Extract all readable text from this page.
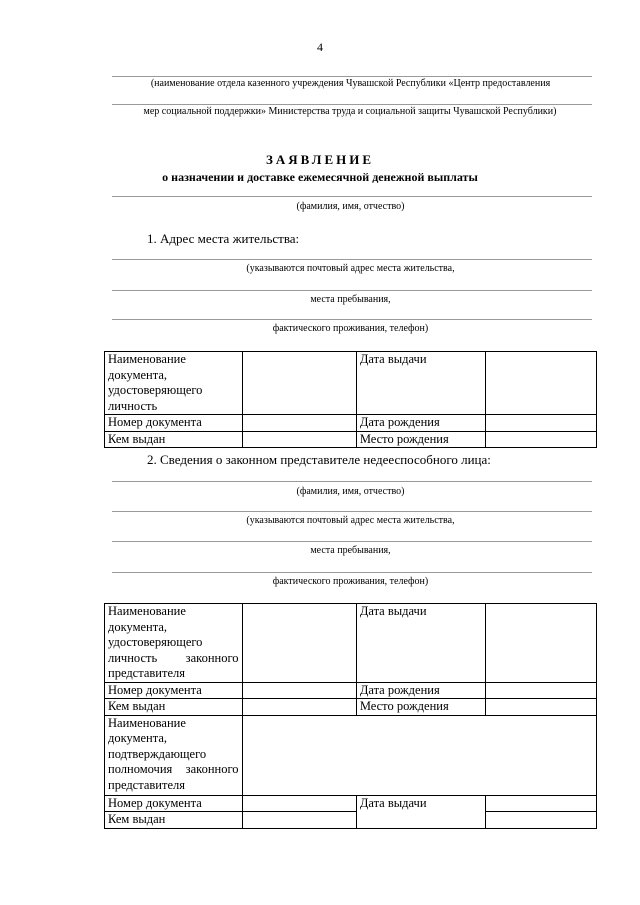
4
(наименование отдела казенного учреждения Чувашской Республики «Центр предоставления
мер социальной поддержки» Министерства труда и социальной защиты Чувашской Республики)
ЗАЯВЛЕНИЕ
о назначении и доставке ежемесячной денежной выплаты
(фамилия, имя, отчество)
1. Адрес места жительства:
(указываются почтовый адрес места жительства,
места пребывания,
фактического проживания, телефон)
Наименование документа, удостоверяющего личность		Дата выдачи	
Номер документа		Дата рождения	
Кем выдан		Место рождения	
2. Сведения о законном представителе недееспособного лица:
(фамилия, имя, отчество)
(указываются почтовый адрес места жительства,
места пребывания,
фактического проживания, телефон)
Наименование документа, удостоверяющего личность законного представителя		Дата выдачи	
Номер документа		Дата рождения	
Кем выдан		Место рождения	
Наименование документа, подтверждающего полномочия законного представителя			
Номер документа		Дата выдачи	
Кем выдан			
